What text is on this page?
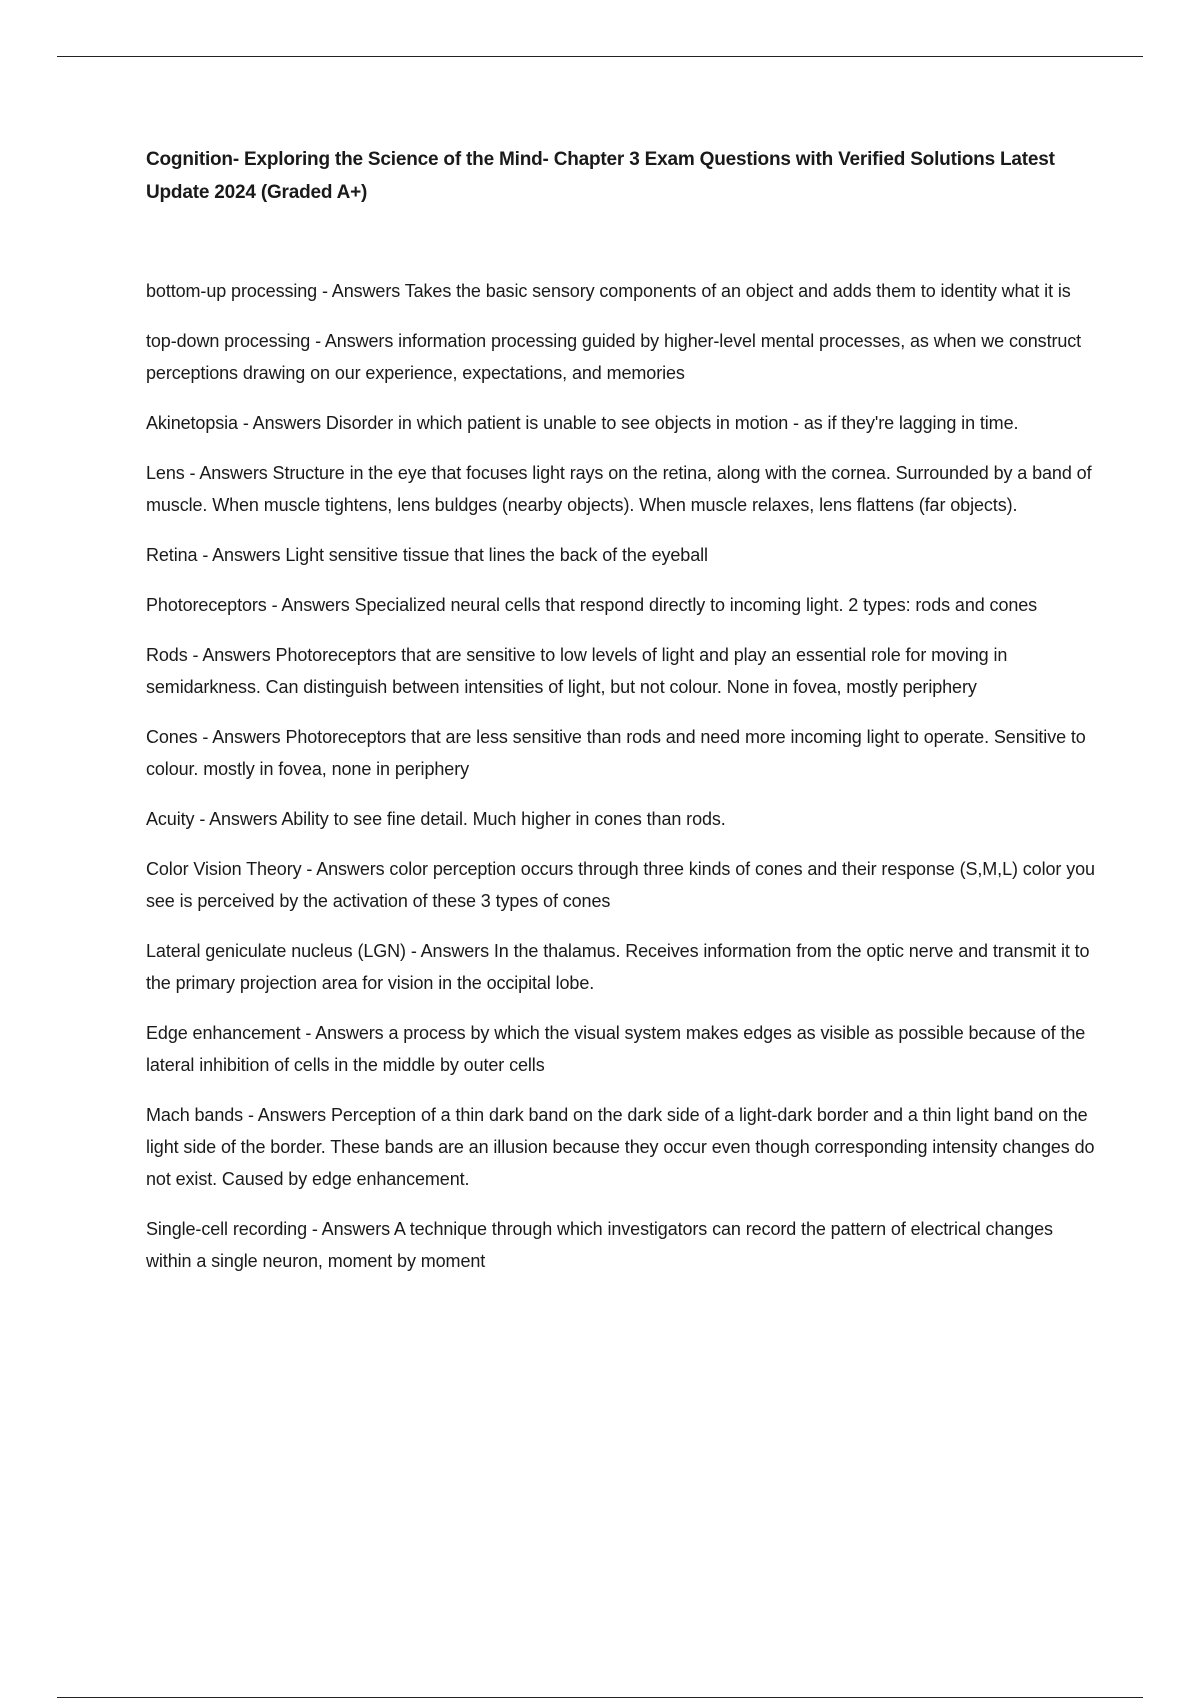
Cognition- Exploring the Science of the Mind- Chapter 3 Exam Questions with Verified Solutions Latest Update 2024 (Graded A+)

bottom-up processing - Answers Takes the basic sensory components of an object and adds them to identity what it is

top-down processing - Answers information processing guided by higher-level mental processes, as when we construct perceptions drawing on our experience, expectations, and memories

Akinetopsia - Answers Disorder in which patient is unable to see objects in motion - as if they're lagging in time.

Lens - Answers Structure in the eye that focuses light rays on the retina, along with the cornea. Surrounded by a band of muscle. When muscle tightens, lens buldges (nearby objects). When muscle relaxes, lens flattens (far objects).

Retina - Answers Light sensitive tissue that lines the back of the eyeball

Photoreceptors - Answers Specialized neural cells that respond directly to incoming light. 2 types: rods and cones

Rods - Answers Photoreceptors that are sensitive to low levels of light and play an essential role for moving in semidarkness. Can distinguish between intensities of light, but not colour. None in fovea, mostly periphery

Cones - Answers Photoreceptors that are less sensitive than rods and need more incoming light to operate. Sensitive to colour. mostly in fovea, none in periphery

Acuity - Answers Ability to see fine detail. Much higher in cones than rods.

Color Vision Theory - Answers color perception occurs through three kinds of cones and their response (S,M,L) color you see is perceived by the activation of these 3 types of cones

Lateral geniculate nucleus (LGN) - Answers In the thalamus. Receives information from the optic nerve and transmit it to the primary projection area for vision in the occipital lobe.

Edge enhancement - Answers a process by which the visual system makes edges as visible as possible because of the lateral inhibition of cells in the middle by outer cells

Mach bands - Answers Perception of a thin dark band on the dark side of a light-dark border and a thin light band on the light side of the border. These bands are an illusion because they occur even though corresponding intensity changes do not exist. Caused by edge enhancement.

Single-cell recording - Answers A technique through which investigators can record the pattern of electrical changes within a single neuron, moment by moment
